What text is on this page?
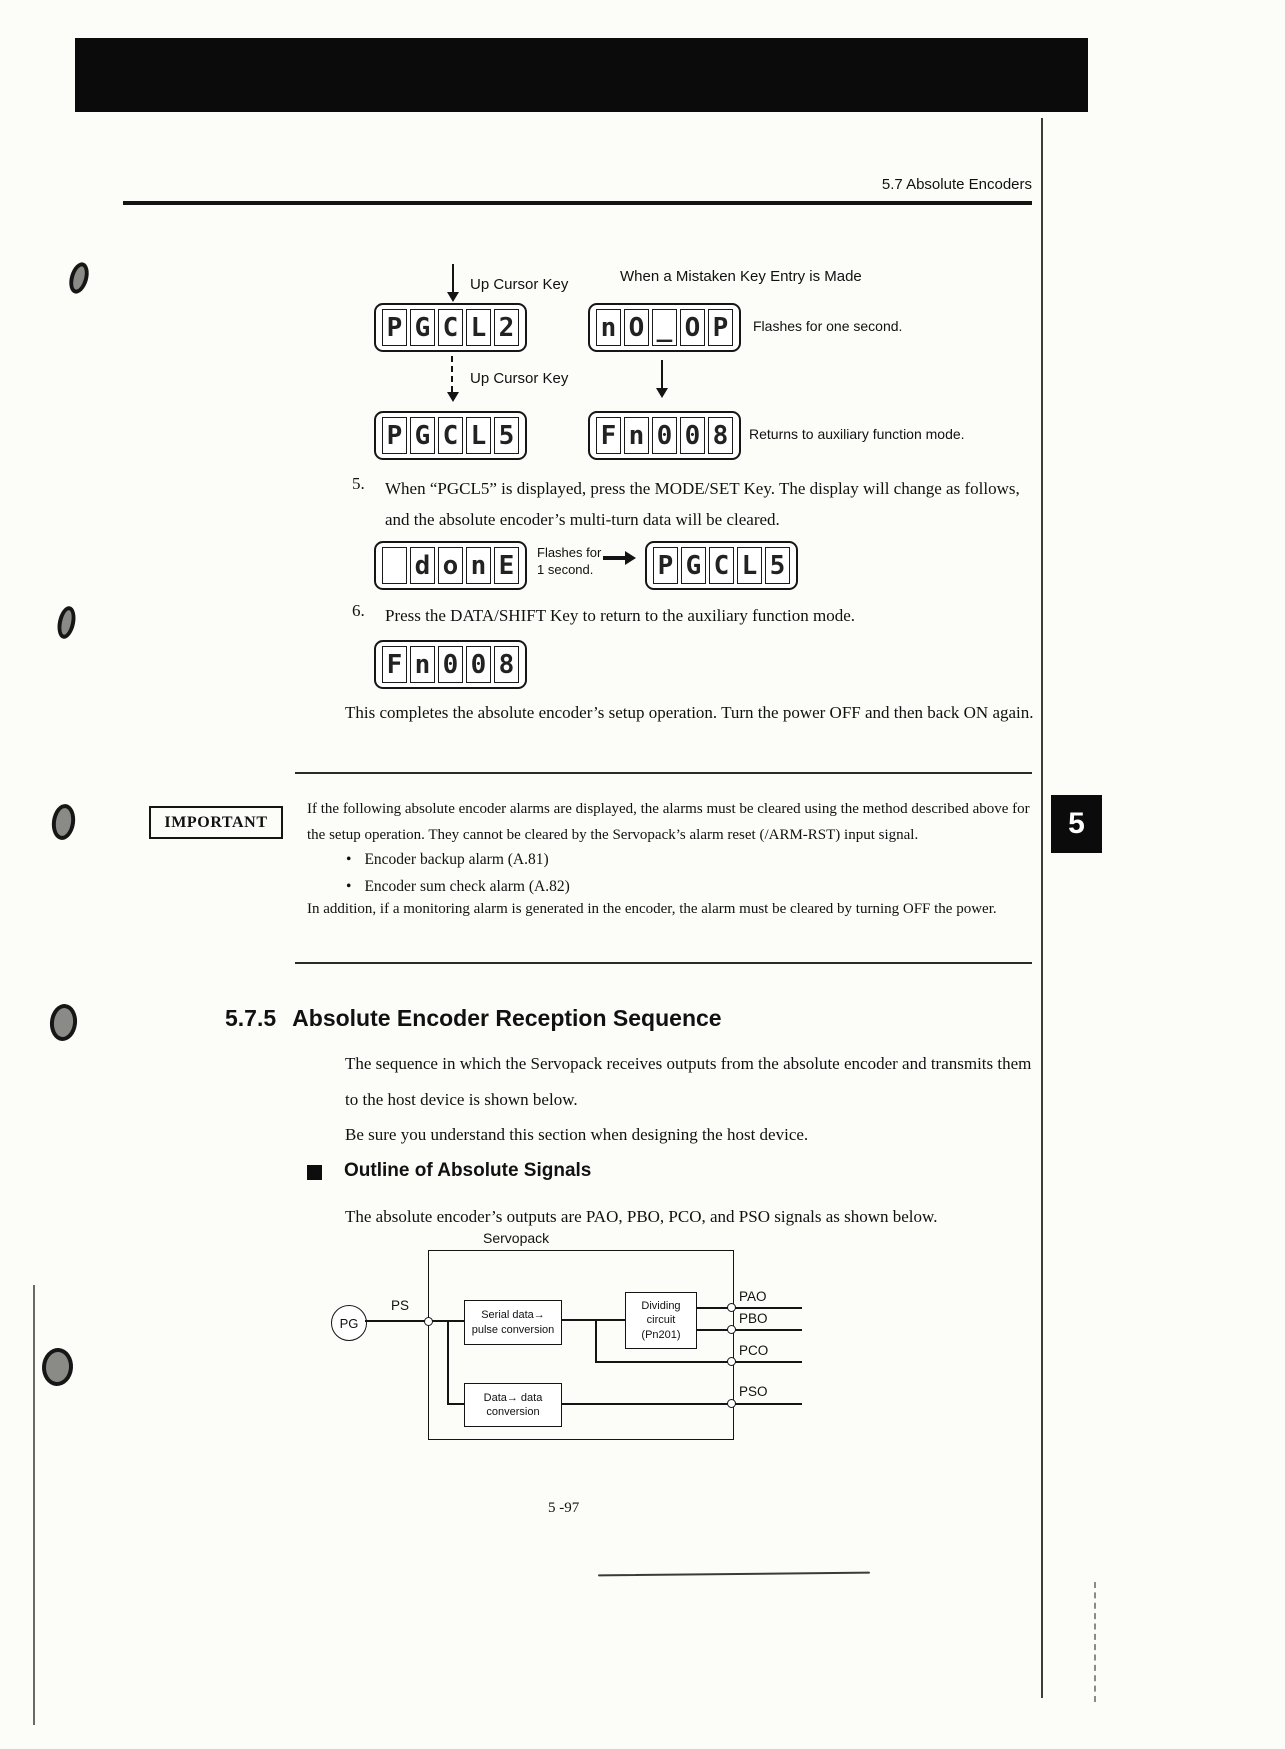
5.7 Absolute Encoders
5
Up Cursor Key	When a Mistaken Key Entry is Made
P G C L 2	n O _ O P	Flashes for one second.
Up Cursor Key
P G C L 5	F n 0 0 8	Returns to auxiliary function mode.
5. When “PGCL5” is displayed, press the MODE/SET Key. The display will change as follows, and the absolute encoder’s multi-turn data will be cleared.
d o n E	Flashes for
1 second.	P G C L 5
6. Press the DATA/SHIFT Key to return to the auxiliary function mode.
F n 0 0 8
This completes the absolute encoder’s setup operation. Turn the power OFF and then back ON again.
IMPORTANT
If the following absolute encoder alarms are displayed, the alarms must be cleared using the method described above for the setup operation. They cannot be cleared by the Servopack’s alarm reset (/ARM-RST) input signal.
• Encoder backup alarm (A.81)
• Encoder sum check alarm (A.82)
In addition, if a monitoring alarm is generated in the encoder, the alarm must be cleared by turning OFF the power.
5.7.5 Absolute Encoder Reception Sequence
The sequence in which the Servopack receives outputs from the absolute encoder and transmits them to the host device is shown below.
Be sure you understand this section when designing the host device.
Outline of Absolute Signals
The absolute encoder’s outputs are PAO, PBO, PCO, and PSO signals as shown below.
Servopack
PG
PS
Serial data→
pulse conversion
Dividing
circuit
(Pn201)
Data→ data
conversion
PAO
PBO
PCO
PSO
5 -97
